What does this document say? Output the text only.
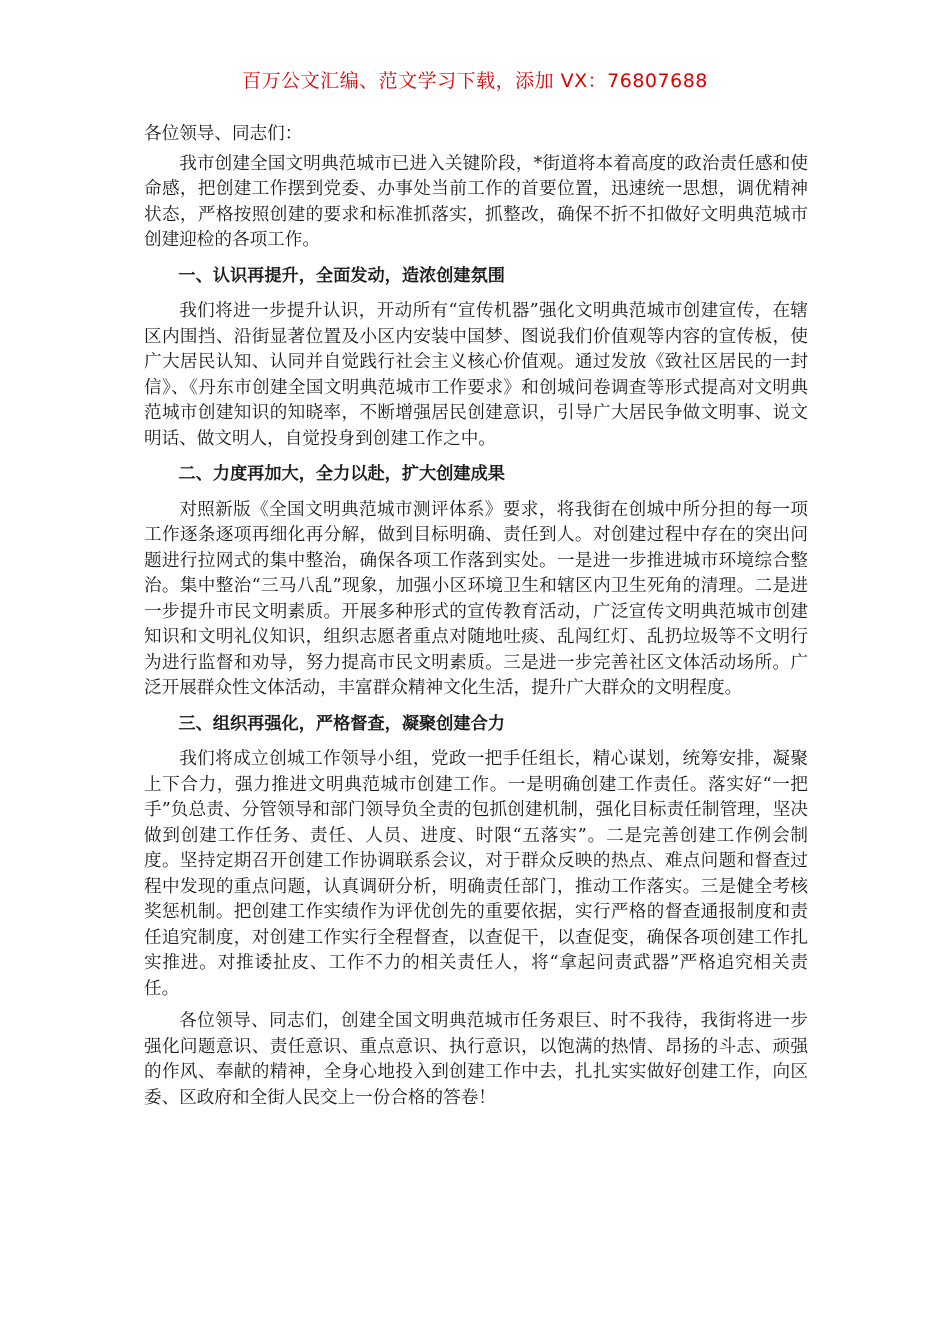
百万公文汇编、范文学习下载，添加 VX：76807688

各位领导、同志们：

我市创建全国文明典范城市已进入关键阶段，*街道将本着高度的政治责任感和使命感，把创建工作摆到党委、办事处当前工作的首要位置，迅速统一思想，调优精神状态，严格按照创建的要求和标准抓落实，抓整改，确保不折不扣做好文明典范城市创建迎检的各项工作。

一、认识再提升，全面发动，造浓创建氛围

我们将进一步提升认识，开动所有“宣传机器”强化文明典范城市创建宣传，在辖区内围挡、沿街显著位置及小区内安装中国梦、图说我们价值观等内容的宣传板，使广大居民认知、认同并自觉践行社会主义核心价值观。通过发放《致社区居民的一封信》、《丹东市创建全国文明典范城市工作要求》和创城问卷调查等形式提高对文明典范城市创建知识的知晓率，不断增强居民创建意识，引导广大居民争做文明事、说文明话、做文明人，自觉投身到创建工作之中。

二、力度再加大，全力以赴，扩大创建成果

对照新版《全国文明典范城市测评体系》要求，将我街在创城中所分担的每一项工作逐条逐项再细化再分解，做到目标明确、责任到人。对创建过程中存在的突出问题进行拉网式的集中整治，确保各项工作落到实处。一是进一步推进城市环境综合整治。集中整治“三马八乱”现象，加强小区环境卫生和辖区内卫生死角的清理。二是进一步提升市民文明素质。开展多种形式的宣传教育活动，广泛宣传文明典范城市创建知识和文明礼仪知识，组织志愿者重点对随地吐痰、乱闯红灯、乱扔垃圾等不文明行为进行监督和劝导，努力提高市民文明素质。三是进一步完善社区文体活动场所。广泛开展群众性文体活动，丰富群众精神文化生活，提升广大群众的文明程度。

三、组织再强化，严格督查，凝聚创建合力

我们将成立创城工作领导小组，党政一把手任组长，精心谋划，统筹安排，凝聚上下合力，强力推进文明典范城市创建工作。一是明确创建工作责任。落实好“一把手”负总责、分管领导和部门领导负全责的包抓创建机制，强化目标责任制管理，坚决做到创建工作任务、责任、人员、进度、时限“五落实”。二是完善创建工作例会制度。坚持定期召开创建工作协调联系会议，对于群众反映的热点、难点问题和督查过程中发现的重点问题，认真调研分析，明确责任部门，推动工作落实。三是健全考核奖惩机制。把创建工作实绩作为评优创先的重要依据，实行严格的督查通报制度和责任追究制度，对创建工作实行全程督查，以查促干，以查促变，确保各项创建工作扎实推进。对推诿扯皮、工作不力的相关责任人，将“拿起问责武器”严格追究相关责任。

各位领导、同志们，创建全国文明典范城市任务艰巨、时不我待，我街将进一步强化问题意识、责任意识、重点意识、执行意识，以饱满的热情、昂扬的斗志、顽强的作风、奉献的精神，全身心地投入到创建工作中去，扎扎实实做好创建工作，向区委、区政府和全街人民交上一份合格的答卷！
